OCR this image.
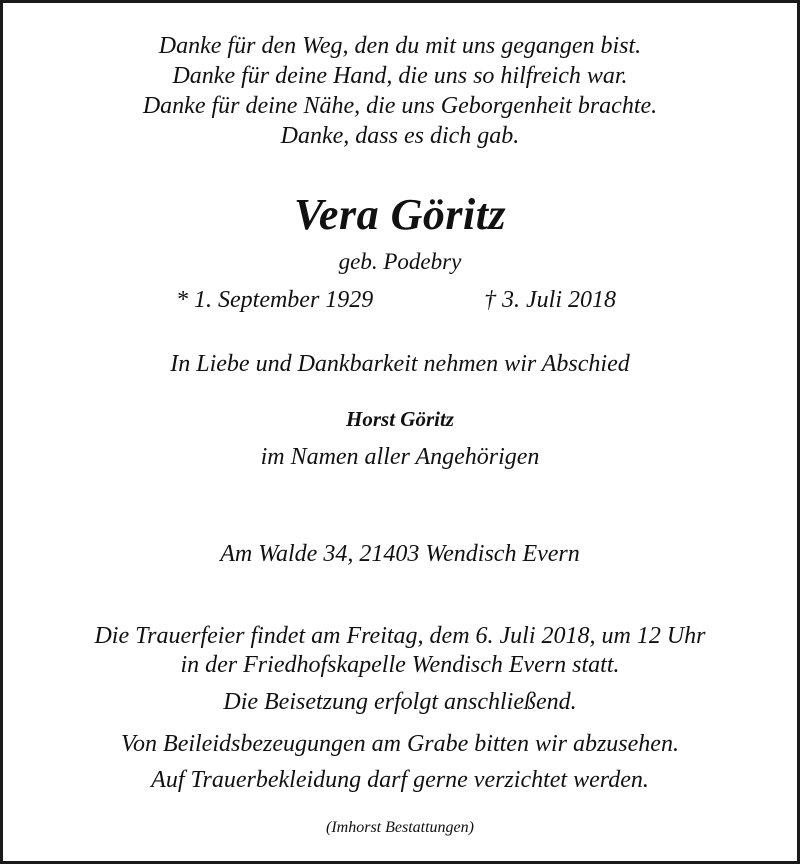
Danke für den Weg, den du mit uns gegangen bist.
Danke für deine Hand, die uns so hilfreich war.
Danke für deine Nähe, die uns Geborgenheit brachte.
Danke, dass es dich gab.
Vera Göritz
geb. Podebry
* 1. September 1929	† 3. Juli 2018
In Liebe und Dankbarkeit nehmen wir Abschied
Horst Göritz
im Namen aller Angehörigen
Am Walde 34, 21403 Wendisch Evern
Die Trauerfeier findet am Freitag, dem 6. Juli 2018, um 12 Uhr
in der Friedhofskapelle Wendisch Evern statt.
Die Beisetzung erfolgt anschließend.
Von Beileidsbezeugungen am Grabe bitten wir abzusehen.
Auf Trauerbekleidung darf gerne verzichtet werden.
(Imhorst Bestattungen)
